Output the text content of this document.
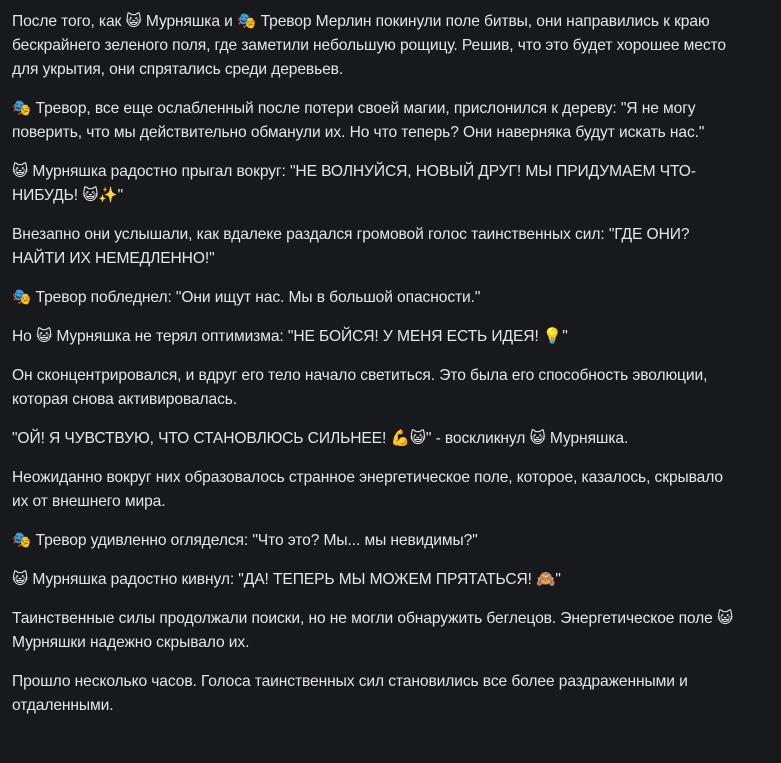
После того, как 😺 Мурняшка и 🎭 Тревор Мерлин покинули поле битвы, они направились к краю бескрайнего зеленого поля, где заметили небольшую рощицу. Решив, что это будет хорошее место для укрытия, они спрятались среди деревьев.

🎭 Тревор, все еще ослабленный после потери своей магии, прислонился к дереву: "Я не могу поверить, что мы действительно обманули их. Но что теперь? Они наверняка будут искать нас."

😺 Мурняшка радостно прыгал вокруг: "НЕ ВОЛНУЙСЯ, НОВЫЙ ДРУГ! МЫ ПРИДУМАЕМ ЧТО-НИБУДЬ! 😺✨"

Внезапно они услышали, как вдалеке раздался громовой голос таинственных сил: "ГДЕ ОНИ? НАЙТИ ИХ НЕМЕДЛЕННО!"

🎭 Тревор побледнел: "Они ищут нас. Мы в большой опасности."

Но 😺 Мурняшка не терял оптимизма: "НЕ БОЙСЯ! У МЕНЯ ЕСТЬ ИДЕЯ! 💡"

Он сконцентрировался, и вдруг его тело начало светиться. Это была его способность эволюции, которая снова активировалась.

"ОЙ! Я ЧУВСТВУЮ, ЧТО СТАНОВЛЮСЬ СИЛЬНЕЕ! 💪😺" - воскликнул 😺 Мурняшка.

Неожиданно вокруг них образовалось странное энергетическое поле, которое, казалось, скрывало их от внешнего мира.

🎭 Тревор удивленно огляделся: "Что это? Мы... мы невидимы?"

😺 Мурняшка радостно кивнул: "ДА! ТЕПЕРЬ МЫ МОЖЕМ ПРЯТАТЬСЯ! 🙈"

Таинственные силы продолжали поиски, но не могли обнаружить беглецов. Энергетическое поле 😺 Мурняшки надежно скрывало их.

Прошло несколько часов. Голоса таинственных сил становились все более раздраженными и отдаленными.
